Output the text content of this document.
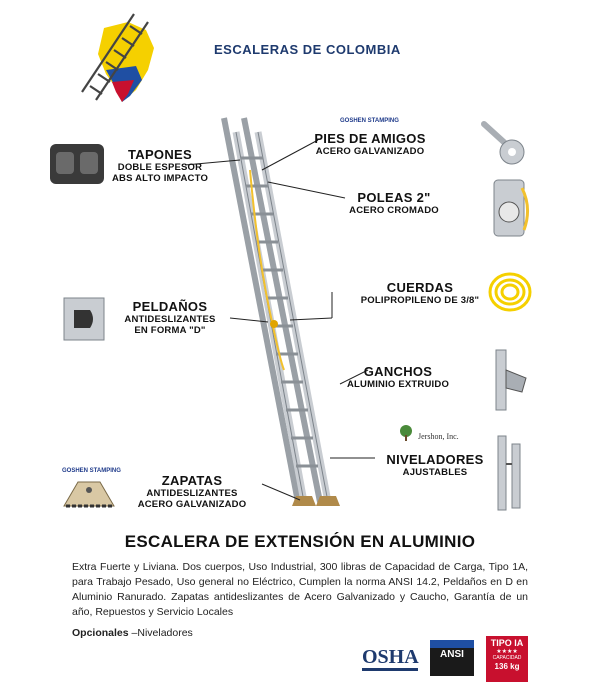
ESCALERAS DE COLOMBIA
GOSHEN STAMPING
PIES DE AMIGOS
ACERO GALVANIZADO
TAPONES
DOBLE ESPESOR
ABS ALTO IMPACTO
POLEAS 2"
ACERO CROMADO
CUERDAS
POLIPROPILENO DE 3/8"
PELDAÑOS
ANTIDESLIZANTES
EN FORMA "D"
GANCHOS
ALUMINIO EXTRUIDO
Jershon, Inc.
NIVELADORES
AJUSTABLES
GOSHEN STAMPING
ZAPATAS
ANTIDESLIZANTES
ACERO GALVANIZADO
ESCALERA DE EXTENSIÓN EN ALUMINIO
Extra Fuerte y Liviana. Dos cuerpos, Uso Industrial, 300 libras de Capacidad de Carga, Tipo 1A, para Trabajo Pesado, Uso general no Eléctrico, Cumplen la norma ANSI 14.2, Peldaños en D en Aluminio Ranurado. Zapatas antideslizantes de Acero Galvanizado y Caucho, Garantía de un año, Repuestos y Servicio Locales
Opcionales –Niveladores
OSHA	ANSI
TIPO IA
★★★★
CAPACIDAD
136 kg
